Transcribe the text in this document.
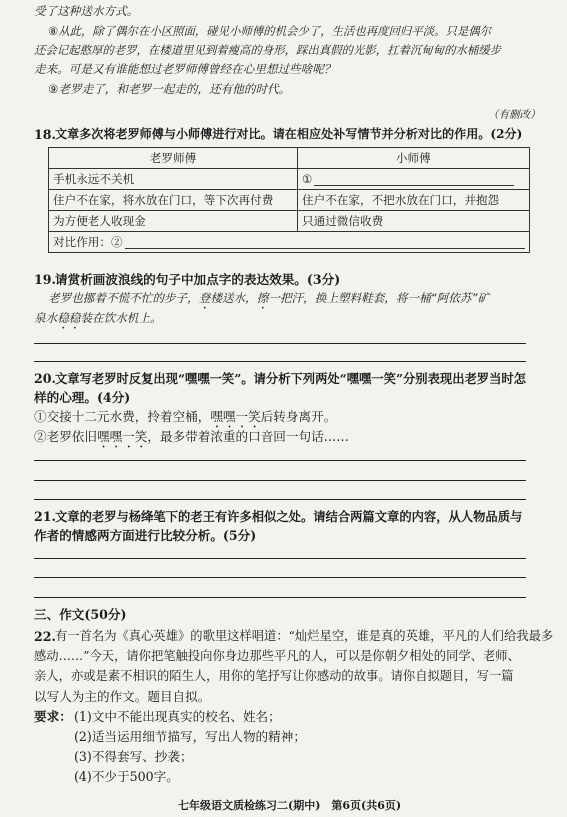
受了这种送水方式。
⑧从此，除了偶尔在小区照面，碰见小师傅的机会少了，生活也再度回归平淡。只是偶尔
还会记起憨厚的老罗，在楼道里见到着瘦高的身形，踩出真假的光影，扛着沉甸甸的水桶缓步
走来。可是又有谁能想过老罗师傅曾经在心里想过些啥呢？
⑨老罗走了，和老罗一起走的，还有他的时代。
（有删改）
18. 文章多次将老罗师傅与小师傅进行对比。请在相应处补写情节并分析对比的作用。(2分)
老罗师傅	小师傅
手机永远不关机	①
住户不在家，将水放在门口，等下次再付费	住户不在家，不把水放在门口，并抱怨
为方便老人收现金	只通过微信收费
对比作用：②	
19. 请赏析画波浪线的句子中加点字的表达效果。(3分)
老罗也挪着不慌不忙的步子，登楼送水，擦一把汗，换上塑料鞋套，将一桶“阿依苏”矿
泉水稳稳装在饮水机上。
20. 文章写老罗时反复出现“嘿嘿一笑”。请分析下列两处“嘿嘿一笑”分别表现出老罗当时怎
样的心理。(4分)
①交接十二元水费，拎着空桶，嘿嘿一笑后转身离开。
②老罗依旧嘿嘿一笑，最多带着浓重的口音回一句话……
21. 文章的老罗与杨绛笔下的老王有许多相似之处。请结合两篇文章的内容，从人物品质与
作者的情感两方面进行比较分析。(5分)
三、作文(50分)
22. 有一首名为《真心英雄》的歌里这样唱道：“灿烂星空，谁是真的英雄，平凡的人们给我最多
感动……”今天，请你把笔触投向你身边那些平凡的人，可以是你朝夕相处的同学、老师、
亲人，亦或是素不相识的陌生人，用你的笔抒写让你感动的故事。请你自拟题目，写一篇
以写人为主的作文。题目自拟。
要求： (1)文中不能出现真实的校名、姓名；
(2)适当运用细节描写，写出人物的精神；
(3)不得套写、抄袭；
(4)不少于500字。
七年级语文质检练习二(期中)　第6页(共6页)
